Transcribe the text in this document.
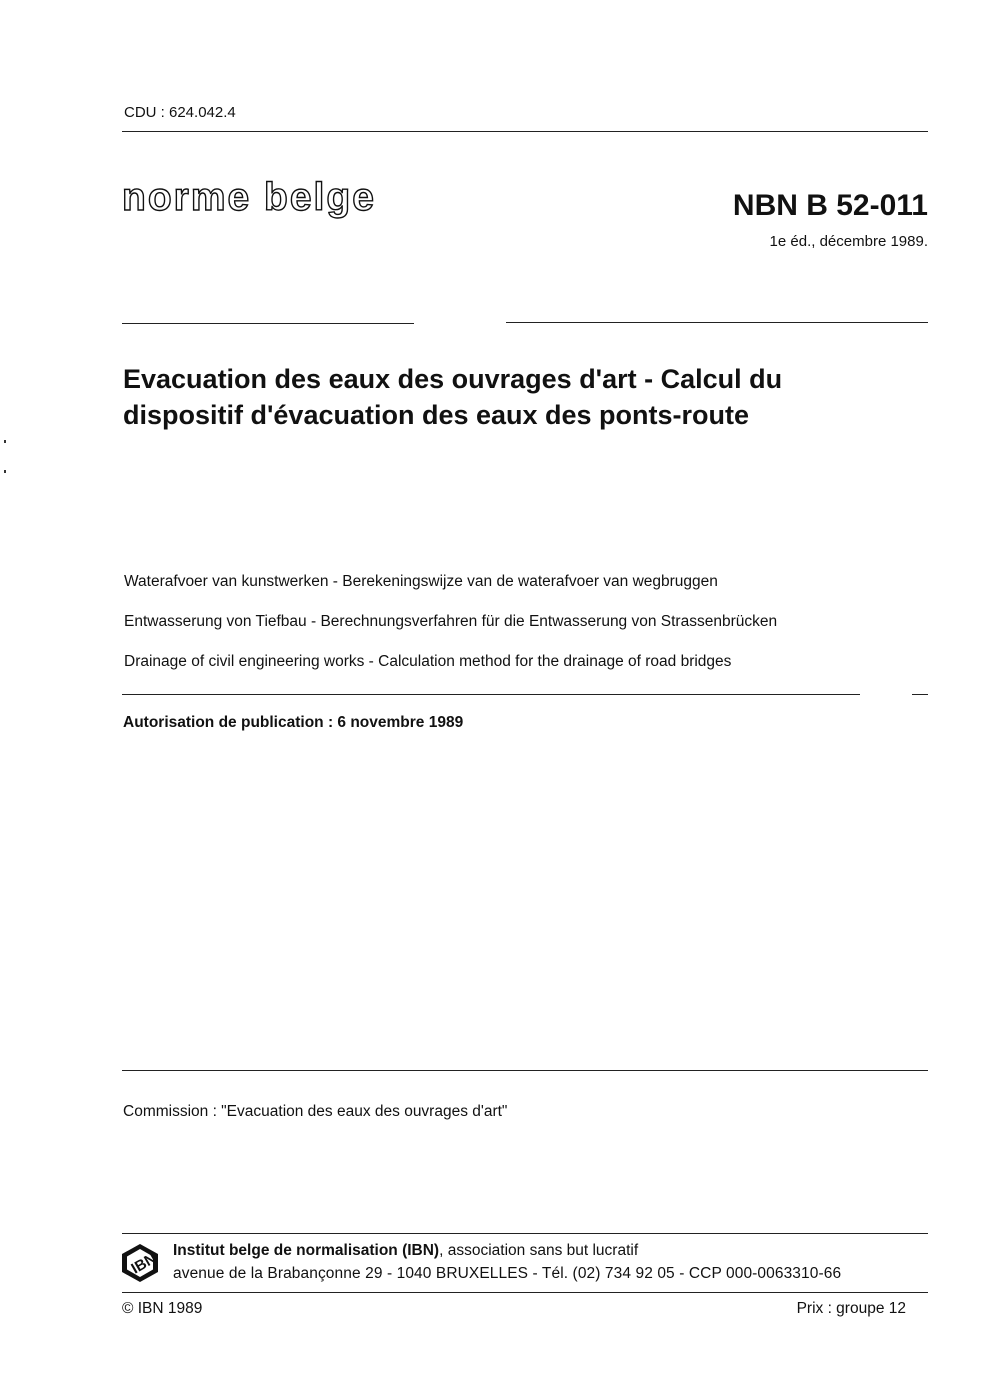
CDU : 624.042.4
norme belge	NBN B 52-011
1e éd., décembre 1989.
Evacuation des eaux des ouvrages d'art - Calcul du
dispositif d'évacuation des eaux des ponts-route
Waterafvoer van kunstwerken - Berekeningswijze van de waterafvoer van wegbruggen
Entwasserung von Tiefbau - Berechnungsverfahren für die Entwasserung von Strassenbrücken
Drainage of civil engineering works - Calculation method for the drainage of road bridges
Autorisation de publication : 6 novembre 1989
Commission : "Evacuation des eaux des ouvrages d'art"
IBN Institut belge de normalisation (IBN), association sans but lucratif
avenue de la Brabançonne 29 - 1040 BRUXELLES - Tél. (02) 734 92 05 - CCP 000-0063310-66
© IBN 1989	Prix : groupe 12
